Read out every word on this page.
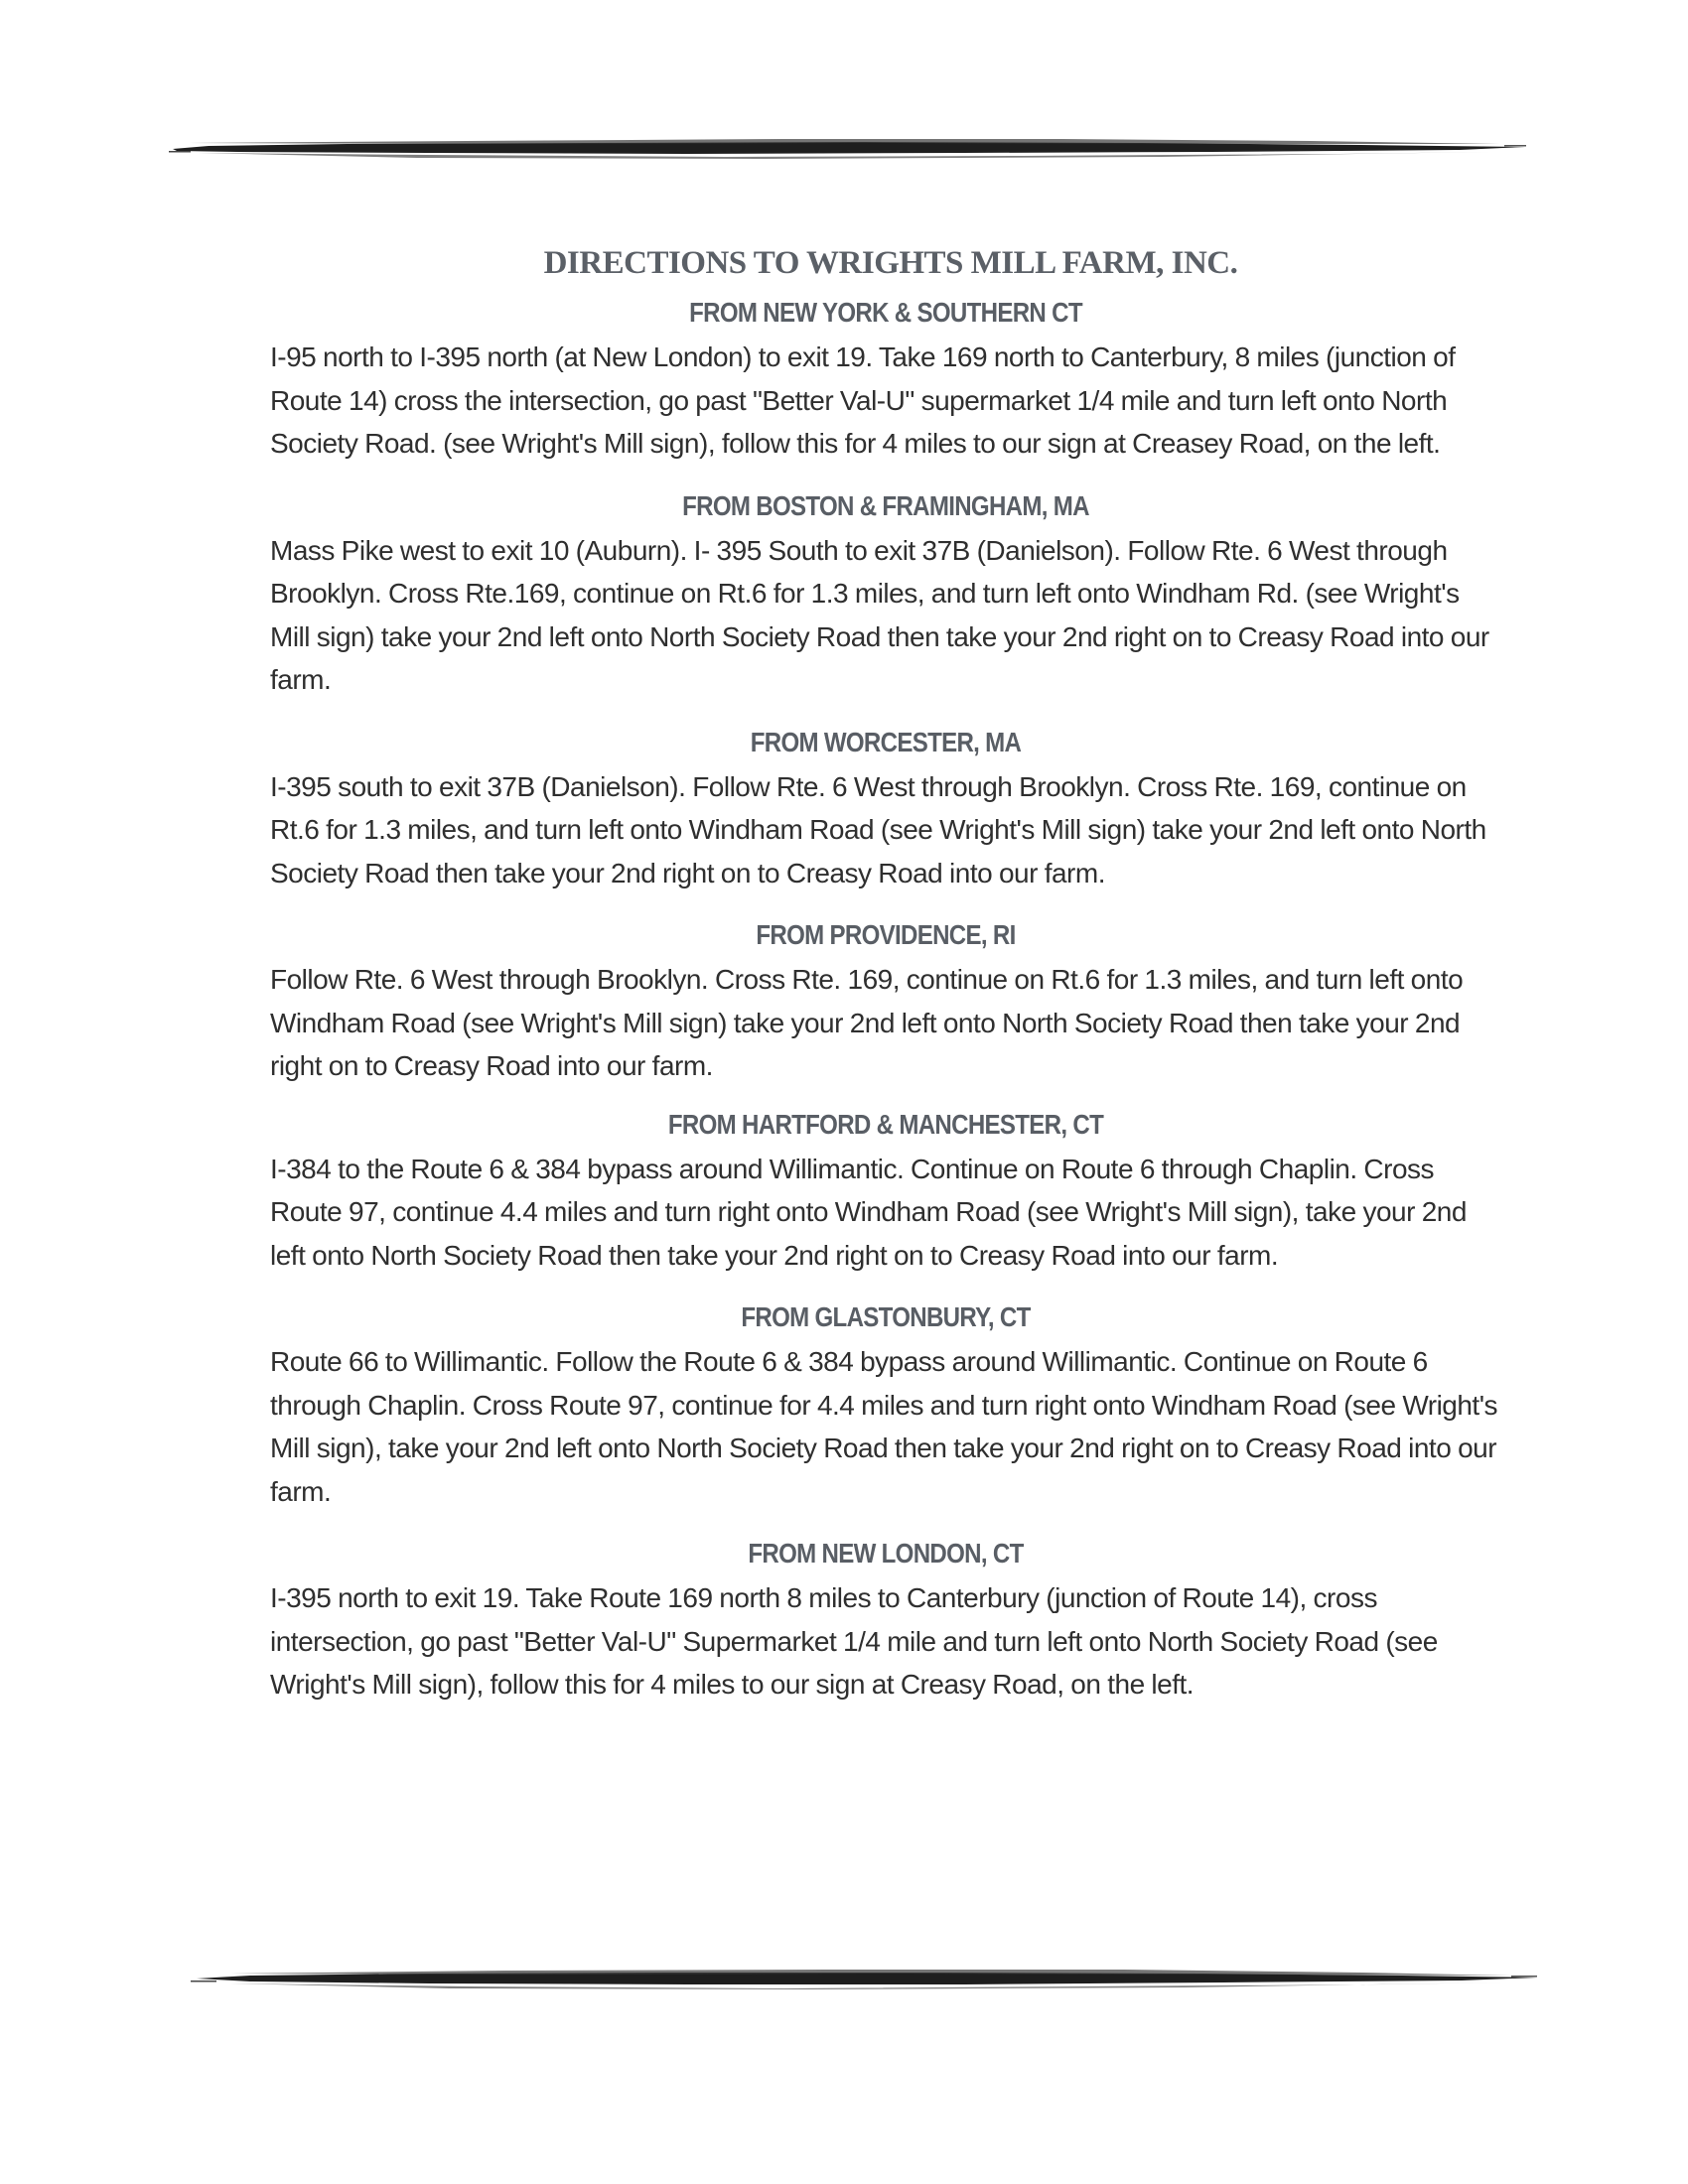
DIRECTIONS TO WRIGHTS MILL FARM, INC.
FROM NEW YORK & SOUTHERN CT

I-95 north to I-395 north (at New London) to exit 19. Take 169 north to Canterbury, 8 miles (junction of Route 14) cross the intersection, go past "Better Val-U" supermarket 1/4 mile and turn left onto North Society Road. (see Wright's Mill sign), follow this for 4 miles to our sign at Creasey Road, on the left.

FROM BOSTON & FRAMINGHAM, MA

Mass Pike west to exit 10 (Auburn). I- 395 South to exit 37B (Danielson). Follow Rte. 6 West through Brooklyn. Cross Rte.169, continue on Rt.6 for 1.3 miles, and turn left onto Windham Rd. (see Wright's Mill sign) take your 2nd left onto North Society Road then take your 2nd right on to Creasy Road into our farm.

FROM WORCESTER, MA

I-395 south to exit 37B (Danielson). Follow Rte. 6 West through Brooklyn. Cross Rte. 169, continue on Rt.6 for 1.3 miles, and turn left onto Windham Road (see Wright's Mill sign) take your 2nd left onto North Society Road then take your 2nd right on to Creasy Road into our farm.

FROM PROVIDENCE, RI

Follow Rte. 6 West through Brooklyn. Cross Rte. 169, continue on Rt.6 for 1.3 miles, and turn left onto Windham Road (see Wright's Mill sign) take your 2nd left onto North Society Road then take your 2nd right on to Creasy Road into our farm.

FROM HARTFORD & MANCHESTER, CT

I-384 to the Route 6 & 384 bypass around Willimantic. Continue on Route 6 through Chaplin. Cross Route 97, continue 4.4 miles and turn right onto Windham Road (see Wright's Mill sign), take your 2nd left onto North Society Road then take your 2nd right on to Creasy Road into our farm.

FROM GLASTONBURY, CT

Route 66 to Willimantic. Follow the Route 6 & 384 bypass around Willimantic. Continue on Route 6 through Chaplin. Cross Route 97, continue for 4.4 miles and turn right onto Windham Road (see Wright's Mill sign), take your 2nd left onto North Society Road then take your 2nd right on to Creasy Road into our farm.

FROM NEW LONDON, CT

I-395 north to exit 19. Take Route 169 north 8 miles to Canterbury (junction of Route 14), cross intersection, go past "Better Val-U" Supermarket 1/4 mile and turn left onto North Society Road (see Wright's Mill sign), follow this for 4 miles to our sign at Creasy Road, on the left.
